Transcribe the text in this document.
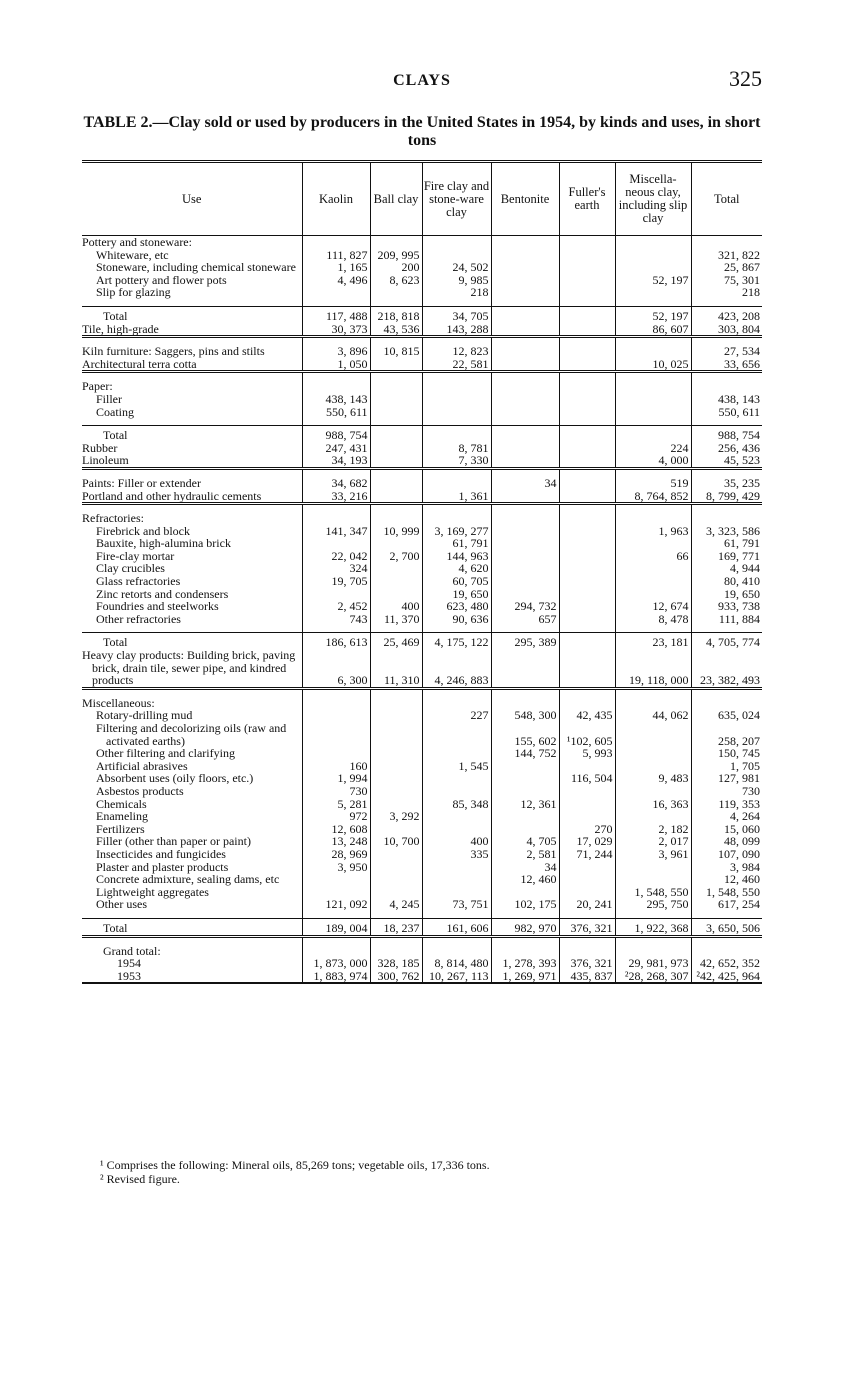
CLAYS	325
TABLE 2.—Clay sold or used by producers in the United States in 1954, by kinds and uses, in short tons
Use	Kaolin	Ball clay	Fire clay and stone-ware clay	Bentonite	Fuller's earth	Miscella-neous clay, including slip clay	Total
Pottery and stoneware:							
Whiteware, etc	111, 827	209, 995					321, 822
Stoneware, including chemical stoneware	1, 165	200	24, 502				25, 867
Art pottery and flower pots	4, 496	8, 623	9, 985			52, 197	75, 301
Slip for glazing			218				218

Total	117, 488	218, 818	34, 705			52, 197	423, 208
Tile, high-grade	30, 373	43, 536	143, 288			86, 607	303, 804

Kiln furniture: Saggers, pins and stilts	3, 896	10, 815	12, 823				27, 534
Architectural terra cotta	1, 050		22, 581			10, 025	33, 656

Paper:							
Filler	438, 143						438, 143
Coating	550, 611						550, 611

Total	988, 754						988, 754
Rubber	247, 431		8, 781			224	256, 436
Linoleum	34, 193		7, 330			4, 000	45, 523

Paints: Filler or extender	34, 682			34		519	35, 235
Portland and other hydraulic cements	33, 216		1, 361			8, 764, 852	8, 799, 429

Refractories:							
Firebrick and block	141, 347	10, 999	3, 169, 277			1, 963	3, 323, 586
Bauxite, high-alumina brick			61, 791				61, 791
Fire-clay mortar	22, 042	2, 700	144, 963			66	169, 771
Clay crucibles	324		4, 620				4, 944
Glass refractories	19, 705		60, 705				80, 410
Zinc retorts and condensers			19, 650				19, 650
Foundries and steelworks	2, 452	400	623, 480	294, 732		12, 674	933, 738
Other refractories	743	11, 370	90, 636	657		8, 478	111, 884

Total	186, 613	25, 469	4, 175, 122	295, 389		23, 181	4, 705, 774
Heavy clay products: Building brick, paving brick, drain tile, sewer pipe, and kindred products	6, 300	11, 310	4, 246, 883			19, 118, 000	23, 382, 493

Miscellaneous:							
Rotary-drilling mud			227	548, 300	42, 435	44, 062	635, 024
Filtering and decolorizing oils (raw and activated earths)				155, 602	¹102, 605		258, 207
Other filtering and clarifying				144, 752	5, 993		150, 745
Artificial abrasives	160		1, 545				1, 705
Absorbent uses (oily floors, etc.)	1, 994				116, 504	9, 483	127, 981
Asbestos products	730						730
Chemicals	5, 281		85, 348	12, 361		16, 363	119, 353
Enameling	972	3, 292					4, 264
Fertilizers	12, 608				270	2, 182	15, 060
Filler (other than paper or paint)	13, 248	10, 700	400	4, 705	17, 029	2, 017	48, 099
Insecticides and fungicides	28, 969		335	2, 581	71, 244	3, 961	107, 090
Plaster and plaster products	3, 950			34			3, 984
Concrete admixture, sealing dams, etc				12, 460			12, 460
Lightweight aggregates						1, 548, 550	1, 548, 550
Other uses	121, 092	4, 245	73, 751	102, 175	20, 241	295, 750	617, 254

Total	189, 004	18, 237	161, 606	982, 970	376, 321	1, 922, 368	3, 650, 506

Grand total:							
1954	1, 873, 000	328, 185	8, 814, 480	1, 278, 393	376, 321	29, 981, 973	42, 652, 352
1953	1, 883, 974	300, 762	10, 267, 113	1, 269, 971	435, 837	²28, 268, 307	²42, 425, 964
¹ Comprises the following: Mineral oils, 85,269 tons; vegetable oils, 17,336 tons.
² Revised figure.
